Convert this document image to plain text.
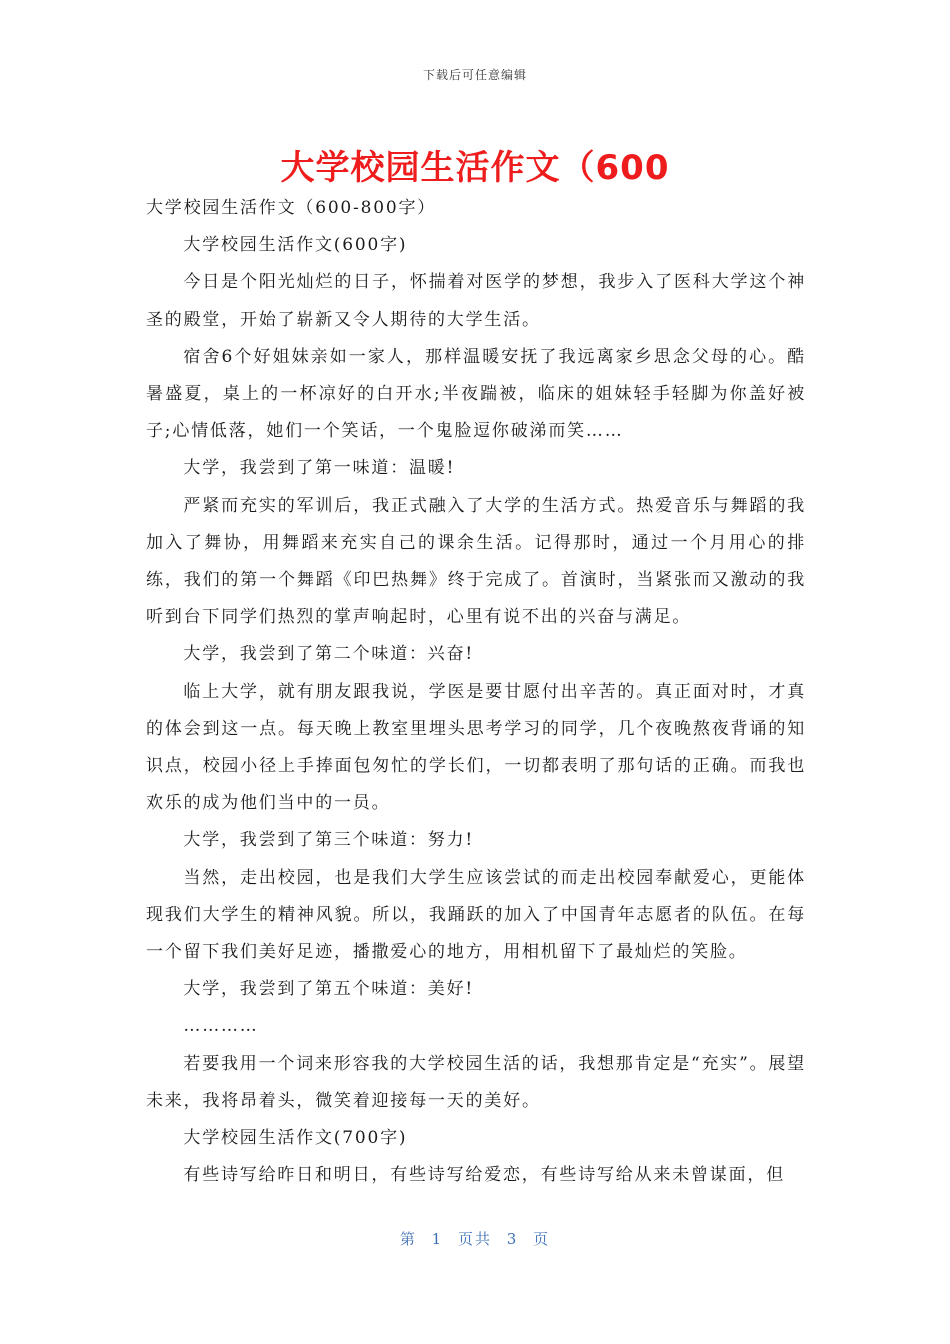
下载后可任意编辑
大学校园生活作文（600

大学校园生活作文（600-800字）

大学校园生活作文(600字)

今日是个阳光灿烂的日子，怀揣着对医学的梦想，我步入了医科大学这个神圣的殿堂，开始了崭新又令人期待的大学生活。

宿舍6个好姐妹亲如一家人，那样温暖安抚了我远离家乡思念父母的心。酷暑盛夏，桌上的一杯凉好的白开水;半夜踹被，临床的姐妹轻手轻脚为你盖好被子;心情低落，她们一个笑话，一个鬼脸逗你破涕而笑……

大学，我尝到了第一味道：温暖!

严紧而充实的军训后，我正式融入了大学的生活方式。热爱音乐与舞蹈的我加入了舞协，用舞蹈来充实自己的课余生活。记得那时，通过一个月用心的排练，我们的第一个舞蹈《印巴热舞》终于完成了。首演时，当紧张而又激动的我听到台下同学们热烈的掌声响起时，心里有说不出的兴奋与满足。

大学，我尝到了第二个味道：兴奋!

临上大学，就有朋友跟我说，学医是要甘愿付出辛苦的。真正面对时，才真的体会到这一点。每天晚上教室里埋头思考学习的同学，几个夜晚熬夜背诵的知识点，校园小径上手捧面包匆忙的学长们，一切都表明了那句话的正确。而我也欢乐的成为他们当中的一员。

大学，我尝到了第三个味道：努力!

当然，走出校园，也是我们大学生应该尝试的而走出校园奉献爱心，更能体现我们大学生的精神风貌。所以，我踊跃的加入了中国青年志愿者的队伍。在每一个留下我们美好足迹，播撒爱心的地方，用相机留下了最灿烂的笑脸。

大学，我尝到了第五个味道：美好!

…………

若要我用一个词来形容我的大学校园生活的话，我想那肯定是“充实”。展望未来，我将昂着头，微笑着迎接每一天的美好。

大学校园生活作文(700字)

有些诗写给昨日和明日，有些诗写给爱恋，有些诗写给从来未曾谋面，但

第 1 页共 3 页
